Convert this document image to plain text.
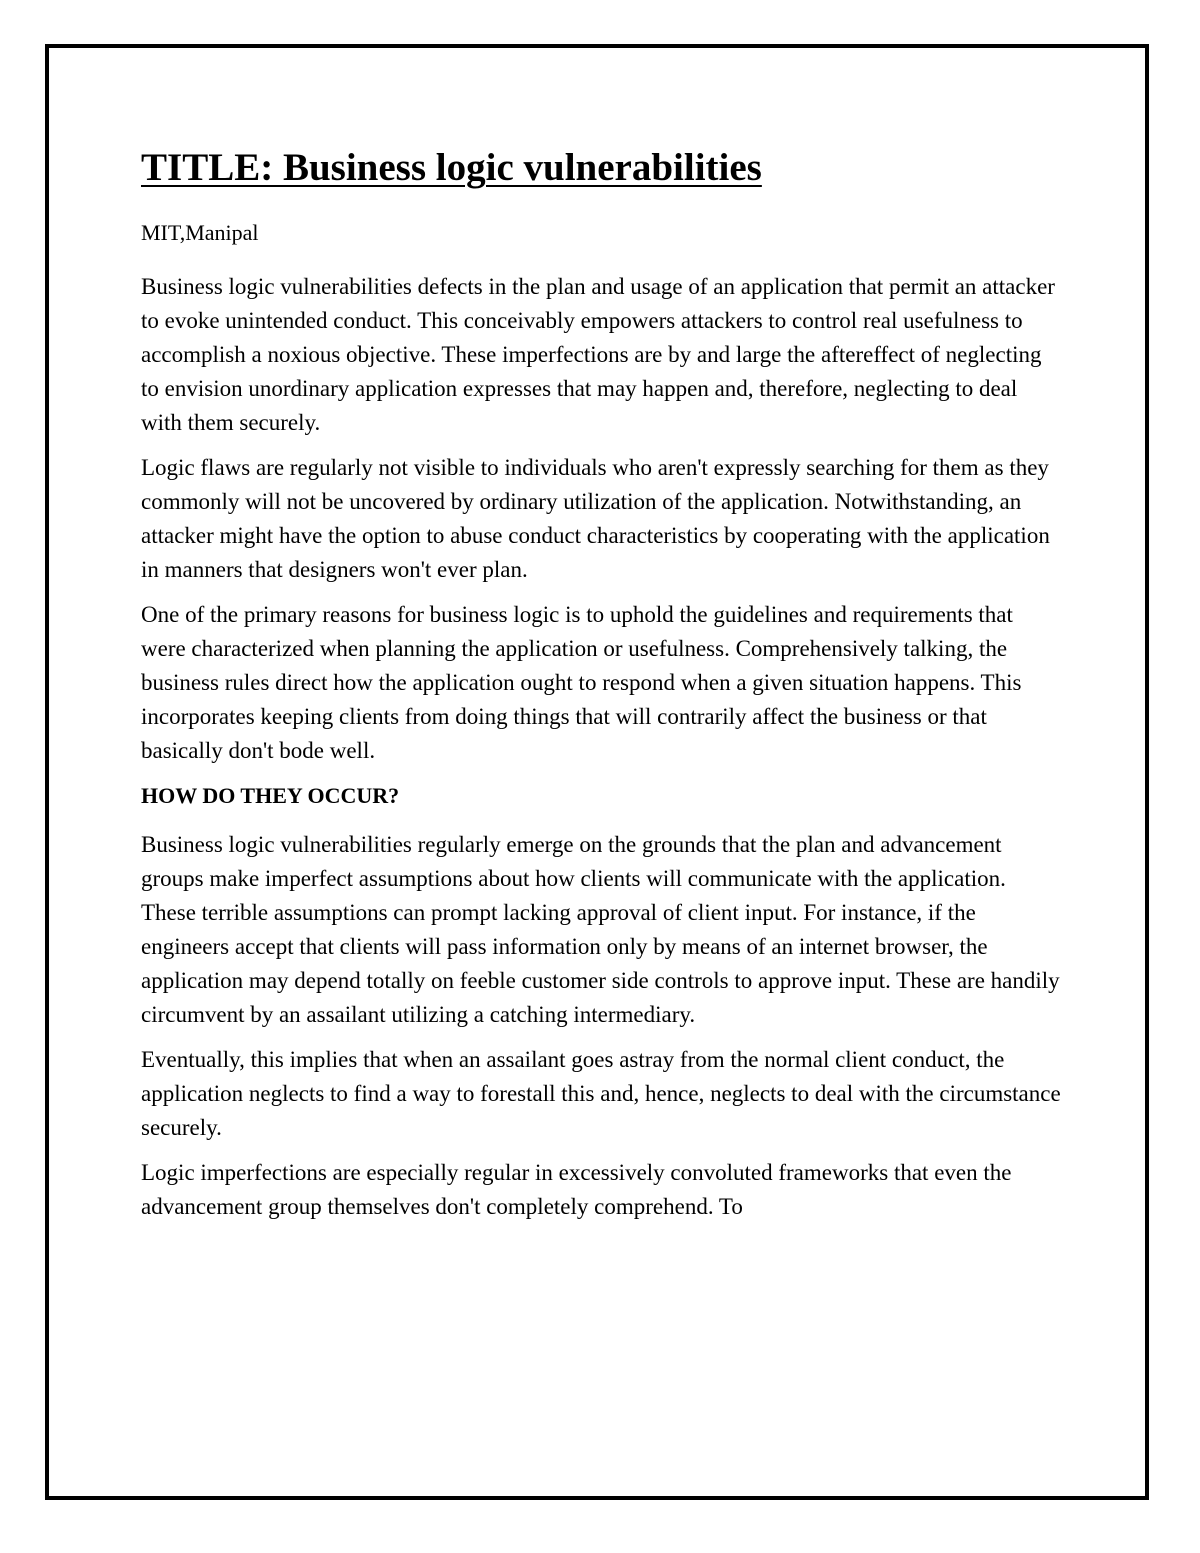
TITLE: Business logic vulnerabilities
MIT,Manipal

Business logic vulnerabilities defects in the plan and usage of an application that permit an attacker to evoke unintended conduct. This conceivably empowers attackers to control real usefulness to accomplish a noxious objective. These imperfections are by and large the aftereffect of neglecting to envision unordinary application expresses that may happen and, therefore, neglecting to deal with them securely.

Logic flaws are regularly not visible to individuals who aren't expressly searching for them as they commonly will not be uncovered by ordinary utilization of the application. Notwithstanding, an attacker might have the option to abuse conduct characteristics by cooperating with the application in manners that designers won't ever plan.

One of the primary reasons for business logic is to uphold the guidelines and requirements that were characterized when planning the application or usefulness. Comprehensively talking, the business rules direct how the application ought to respond when a given situation happens. This incorporates keeping clients from doing things that will contrarily affect the business or that basically don't bode well.

HOW DO THEY OCCUR?

Business logic vulnerabilities regularly emerge on the grounds that the plan and advancement groups make imperfect assumptions about how clients will communicate with the application. These terrible assumptions can prompt lacking approval of client input. For instance, if the engineers accept that clients will pass information only by means of an internet browser, the application may depend totally on feeble customer side controls to approve input. These are handily circumvent by an assailant utilizing a catching intermediary.

Eventually, this implies that when an assailant goes astray from the normal client conduct, the application neglects to find a way to forestall this and, hence, neglects to deal with the circumstance securely.

Logic imperfections are especially regular in excessively convoluted frameworks that even the advancement group themselves don't completely comprehend. To
